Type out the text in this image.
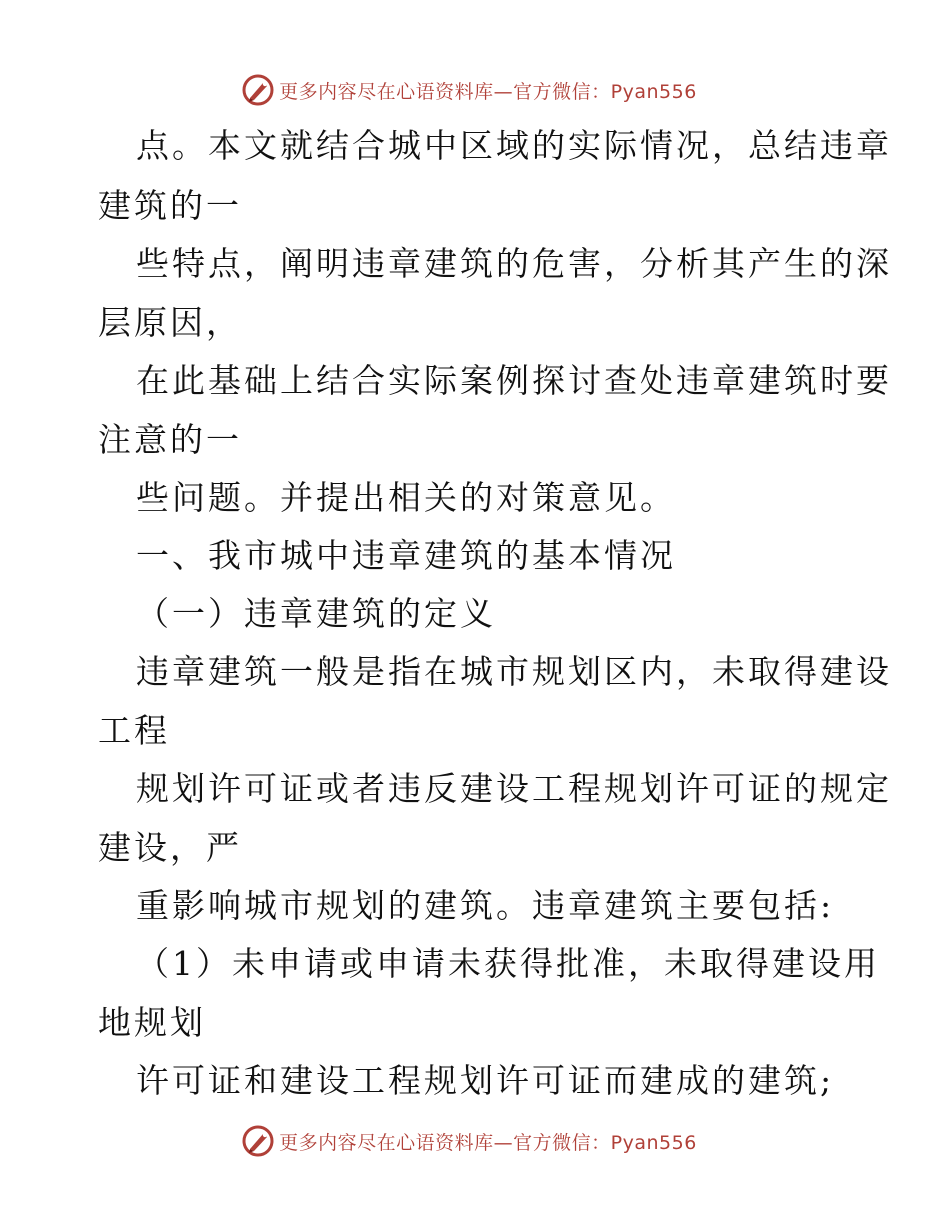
更多内容尽在心语资料库—官方微信：Pyan556
点。本文就结合城中区域的实际情况，总结违章
建筑的一
些特点，阐明违章建筑的危害，分析其产生的深
层原因，
在此基础上结合实际案例探讨查处违章建筑时要
注意的一
些问题。并提出相关的对策意见。
一、我市城中违章建筑的基本情况
（一）违章建筑的定义
违章建筑一般是指在城市规划区内，未取得建设
工程
规划许可证或者违反建设工程规划许可证的规定
建设，严
重影响城市规划的建筑。违章建筑主要包括:
（1）未申请或申请未获得批准，未取得建设用
地规划
许可证和建设工程规划许可证而建成的建筑;
更多内容尽在心语资料库—官方微信：Pyan556
